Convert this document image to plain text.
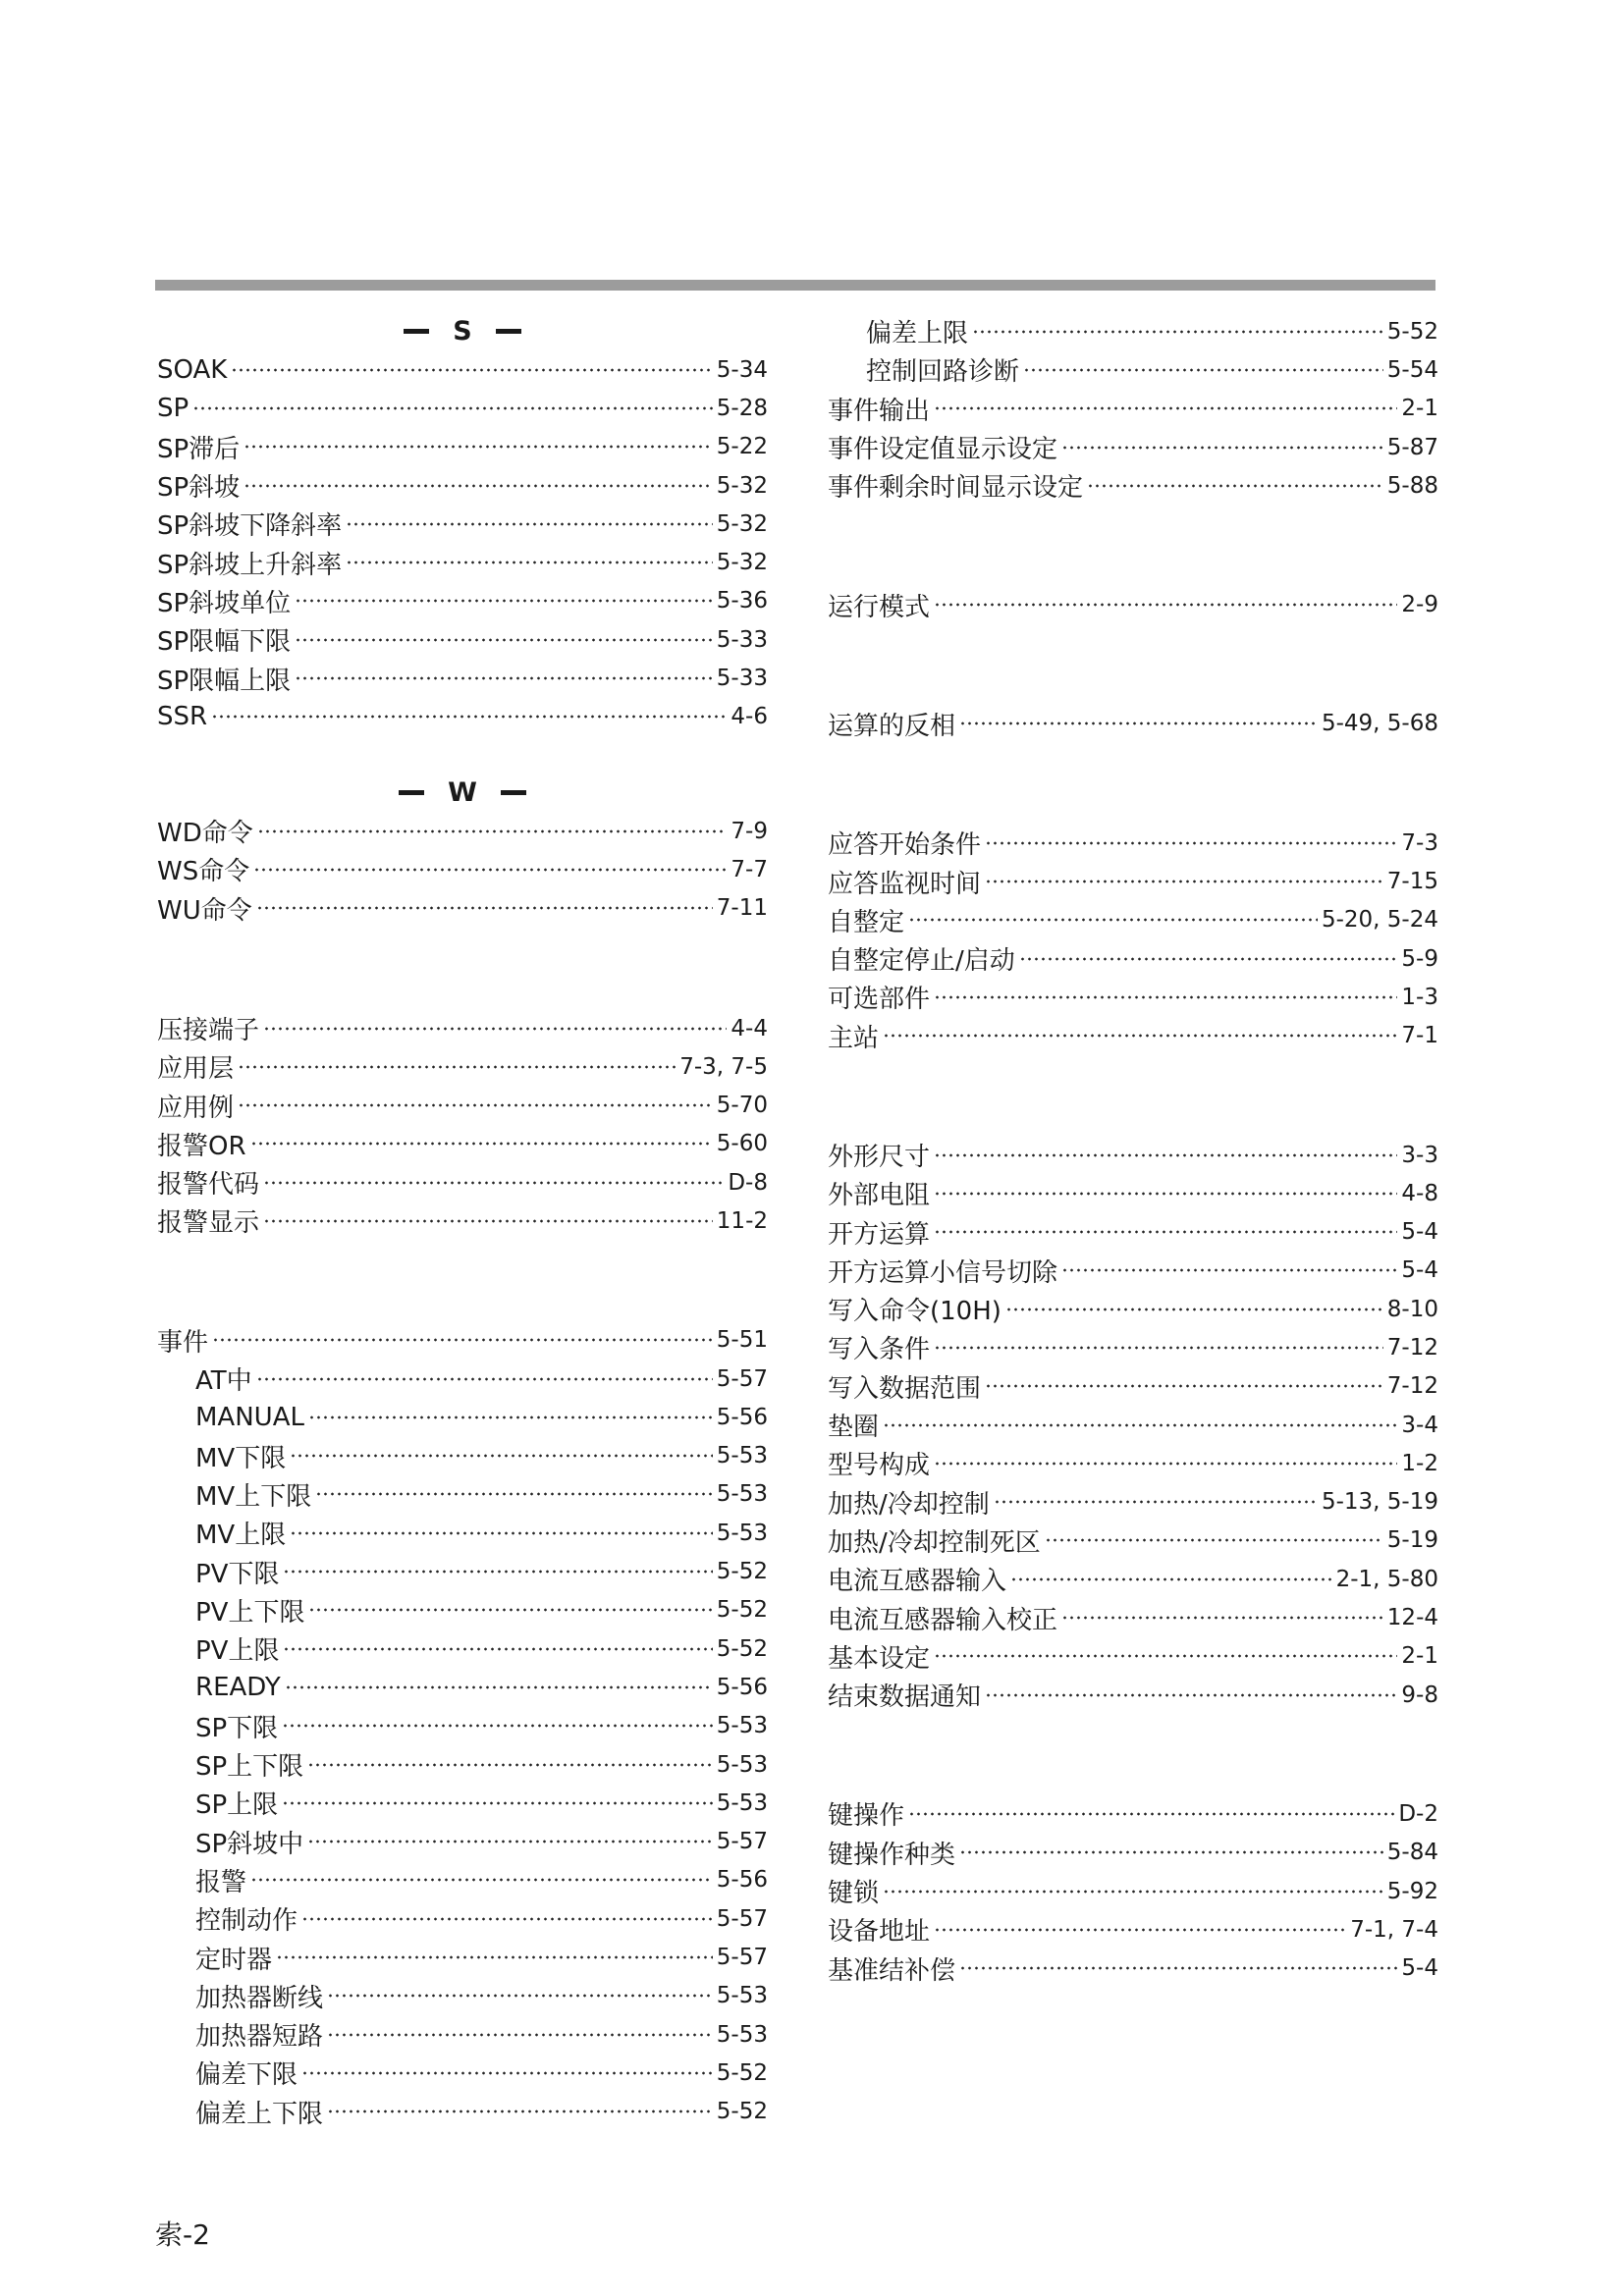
S
SOAK	5-34
SP	5-28
SP滞后	5-22
SP斜坡	5-32
SP斜坡下降斜率	5-32
SP斜坡上升斜率	5-32
SP斜坡单位	5-36
SP限幅下限	5-33
SP限幅上限	5-33
SSR	4-6
W
WD命令	7-9
WS命令	7-7
WU命令	7-11
压接端子	4-4
应用层	7-3, 7-5
应用例	5-70
报警OR	5-60
报警代码	D-8
报警显示	11-2
事件	5-51
AT中	5-57
MANUAL	5-56
MV下限	5-53
MV上下限	5-53
MV上限	5-53
PV下限	5-52
PV上下限	5-52
PV上限	5-52
READY	5-56
SP下限	5-53
SP上下限	5-53
SP上限	5-53
SP斜坡中	5-57
报警	5-56
控制动作	5-57
定时器	5-57
加热器断线	5-53
加热器短路	5-53
偏差下限	5-52
偏差上下限	5-52
偏差上限	5-52
控制回路诊断	5-54
事件输出	2-1
事件设定值显示设定	5-87
事件剩余时间显示设定	5-88
运行模式	2-9
运算的反相	5-49, 5-68
应答开始条件	7-3
应答监视时间	7-15
自整定	5-20, 5-24
自整定停止/启动	5-9
可选部件	1-3
主站	7-1
外形尺寸	3-3
外部电阻	4-8
开方运算	5-4
开方运算小信号切除	5-4
写入命令(10H)	8-10
写入条件	7-12
写入数据范围	7-12
垫圈	3-4
型号构成	1-2
加热/冷却控制	5-13, 5-19
加热/冷却控制死区	5-19
电流互感器输入	2-1, 5-80
电流互感器输入校正	12-4
基本设定	2-1
结束数据通知	9-8
键操作	D-2
键操作种类	5-84
键锁	5-92
设备地址	7-1, 7-4
基准结补偿	5-4
索-2
